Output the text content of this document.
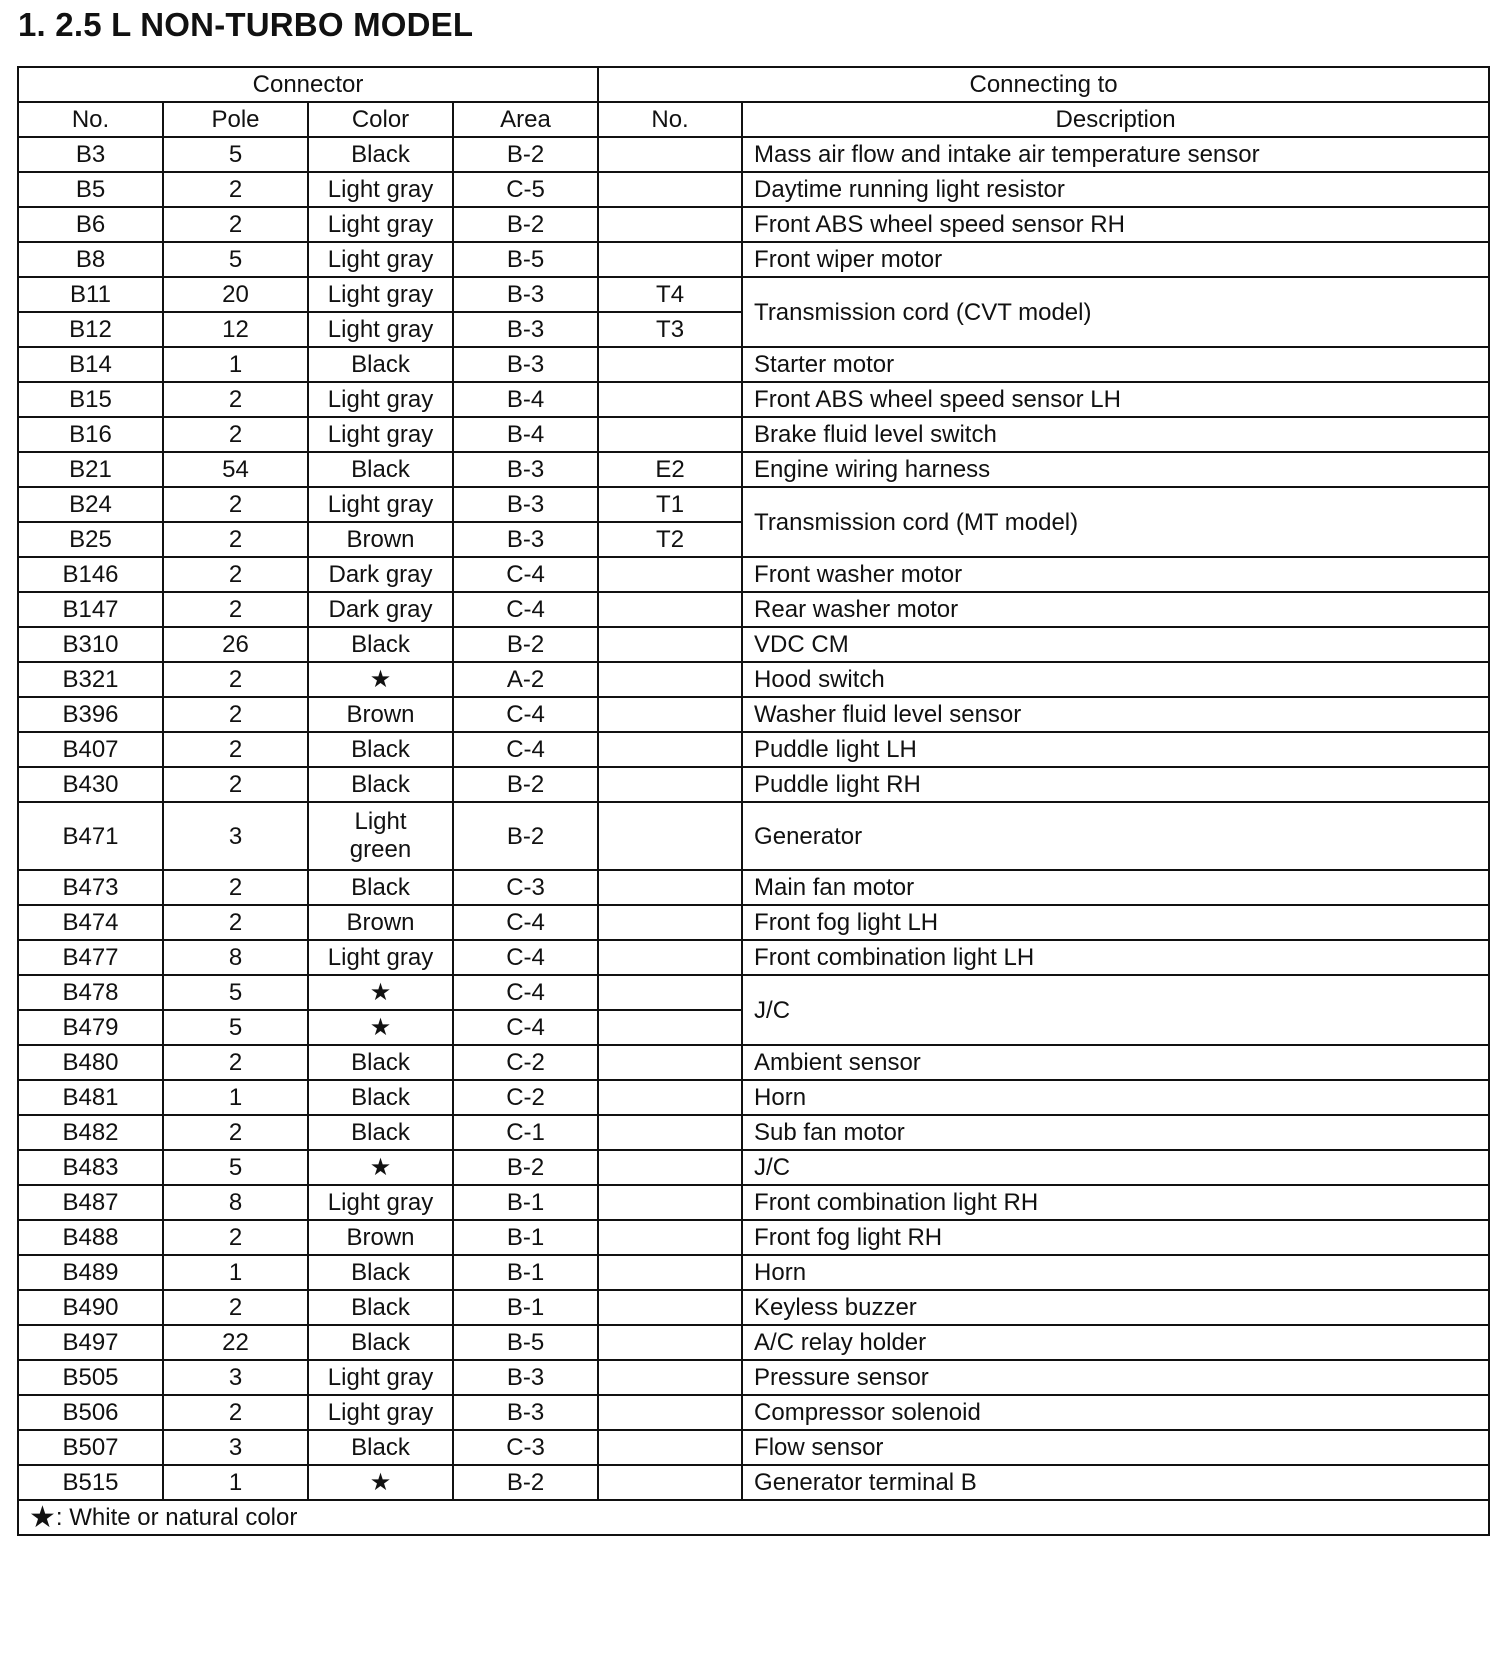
1. 2.5 L NON-TURBO MODEL
Connector				Connecting to	
No.	Pole	Color	Area	No.	Description
B3	5	Black	B-2		Mass air flow and intake air temperature sensor
B5	2	Light gray	C-5		Daytime running light resistor
B6	2	Light gray	B-2		Front ABS wheel speed sensor RH
B8	5	Light gray	B-5		Front wiper motor
B11	20	Light gray	B-3	T4	Transmission cord (CVT model)
B12	12	Light gray	B-3	T3	
B14	1	Black	B-3		Starter motor
B15	2	Light gray	B-4		Front ABS wheel speed sensor LH
B16	2	Light gray	B-4		Brake fluid level switch
B21	54	Black	B-3	E2	Engine wiring harness
B24	2	Light gray	B-3	T1	Transmission cord (MT model)
B25	2	Brown	B-3	T2	
B146	2	Dark gray	C-4		Front washer motor
B147	2	Dark gray	C-4		Rear washer motor
B310	26	Black	B-2		VDC CM
B321	2	★	A-2		Hood switch
B396	2	Brown	C-4		Washer fluid level sensor
B407	2	Black	C-4		Puddle light LH
B430	2	Black	B-2		Puddle light RH
B471	3	Light green	B-2		Generator
B473	2	Black	C-3		Main fan motor
B474	2	Brown	C-4		Front fog light LH
B477	8	Light gray	C-4		Front combination light LH
B478	5	★	C-4		J/C
B479	5	★	C-4		
B480	2	Black	C-2		Ambient sensor
B481	1	Black	C-2		Horn
B482	2	Black	C-1		Sub fan motor
B483	5	★	B-2		J/C
B487	8	Light gray	B-1		Front combination light RH
B488	2	Brown	B-1		Front fog light RH
B489	1	Black	B-1		Horn
B490	2	Black	B-1		Keyless buzzer
B497	22	Black	B-5		A/C relay holder
B505	3	Light gray	B-3		Pressure sensor
B506	2	Light gray	B-3		Compressor solenoid
B507	3	Black	C-3		Flow sensor
B515	1	★	B-2		Generator terminal B
★: White or natural color					
